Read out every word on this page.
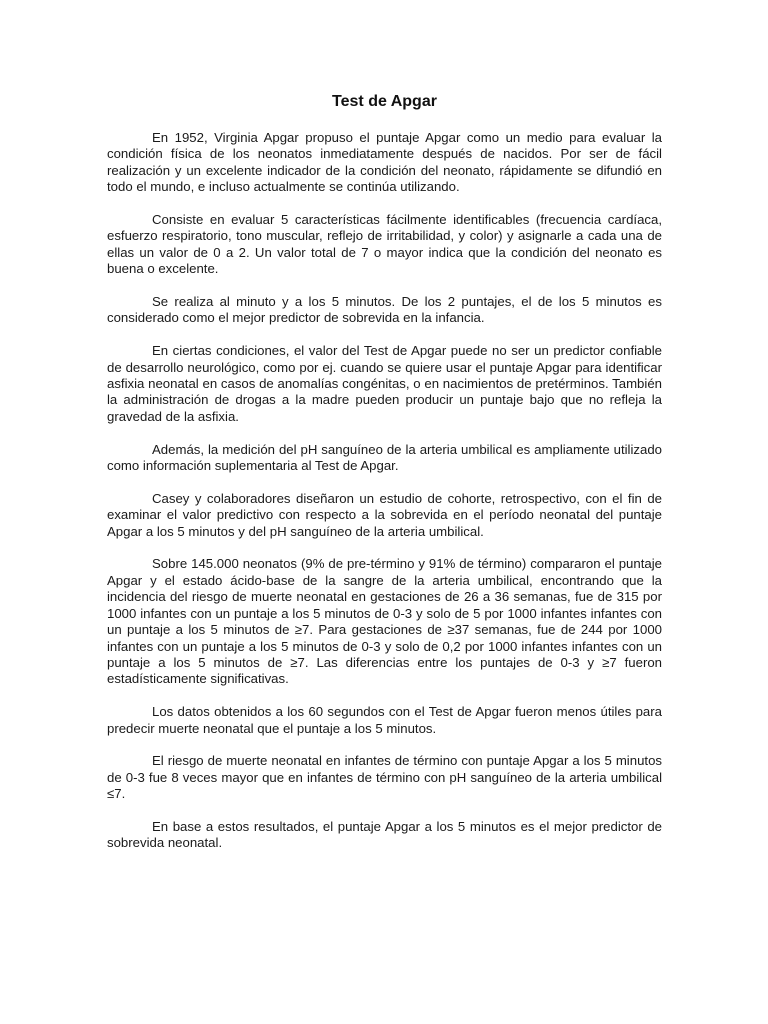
Test de Apgar

En 1952, Virginia Apgar propuso el puntaje Apgar como un medio para evaluar la condición física de los neonatos inmediatamente después de nacidos. Por ser de fácil realización y un excelente indicador de la condición del neonato, rápidamente se difundió en todo el mundo, e incluso actualmente se continúa utilizando.

Consiste en evaluar 5 características fácilmente identificables (frecuencia cardíaca, esfuerzo respiratorio, tono muscular, reflejo de irritabilidad, y color) y asignarle a cada una de ellas un valor de 0 a 2. Un valor total de 7 o mayor indica que la condición del neonato es buena o excelente.

Se realiza al minuto y a los 5 minutos. De los 2 puntajes, el de los 5 minutos es considerado como el mejor predictor de sobrevida en la infancia.

En ciertas condiciones, el valor del Test de Apgar puede no ser un predictor confiable de desarrollo neurológico, como por ej. cuando se quiere usar el puntaje Apgar para identificar asfixia neonatal en casos de anomalías congénitas, o en nacimientos de pretérminos. También la administración de drogas a la madre pueden producir un puntaje bajo que no refleja la gravedad de la asfixia.

Además, la medición del pH sanguíneo de la arteria umbilical es ampliamente utilizado como información suplementaria al Test de Apgar.

Casey y colaboradores diseñaron un estudio de cohorte, retrospectivo, con el fin de examinar el valor predictivo con respecto a la sobrevida en el período neonatal del puntaje Apgar a los 5 minutos y del pH sanguíneo de la arteria umbilical.

Sobre 145.000 neonatos (9% de pre-término y 91% de término) compararon el puntaje Apgar y el estado ácido-base de la sangre de la arteria umbilical, encontrando que la incidencia del riesgo de muerte neonatal en gestaciones de 26 a 36 semanas, fue de 315 por 1000 infantes con un puntaje a los 5 minutos de 0-3 y solo de 5 por 1000 infantes infantes con un puntaje a los 5 minutos de ≥7. Para gestaciones de ≥37 semanas, fue de 244 por 1000 infantes con un puntaje a los 5 minutos de 0-3 y solo de 0,2 por 1000 infantes infantes con un puntaje a los 5 minutos de ≥7. Las diferencias entre los puntajes de 0-3 y ≥7 fueron estadísticamente significativas.

Los datos obtenidos a los 60 segundos con el Test de Apgar fueron menos útiles para predecir muerte neonatal que el puntaje a los 5 minutos.

El riesgo de muerte neonatal en infantes de término con puntaje Apgar a los 5 minutos de 0-3 fue 8 veces mayor que en infantes de término con pH sanguíneo de la arteria umbilical ≤7.

En base a estos resultados, el puntaje Apgar a los 5 minutos es el mejor predictor de sobrevida neonatal.
